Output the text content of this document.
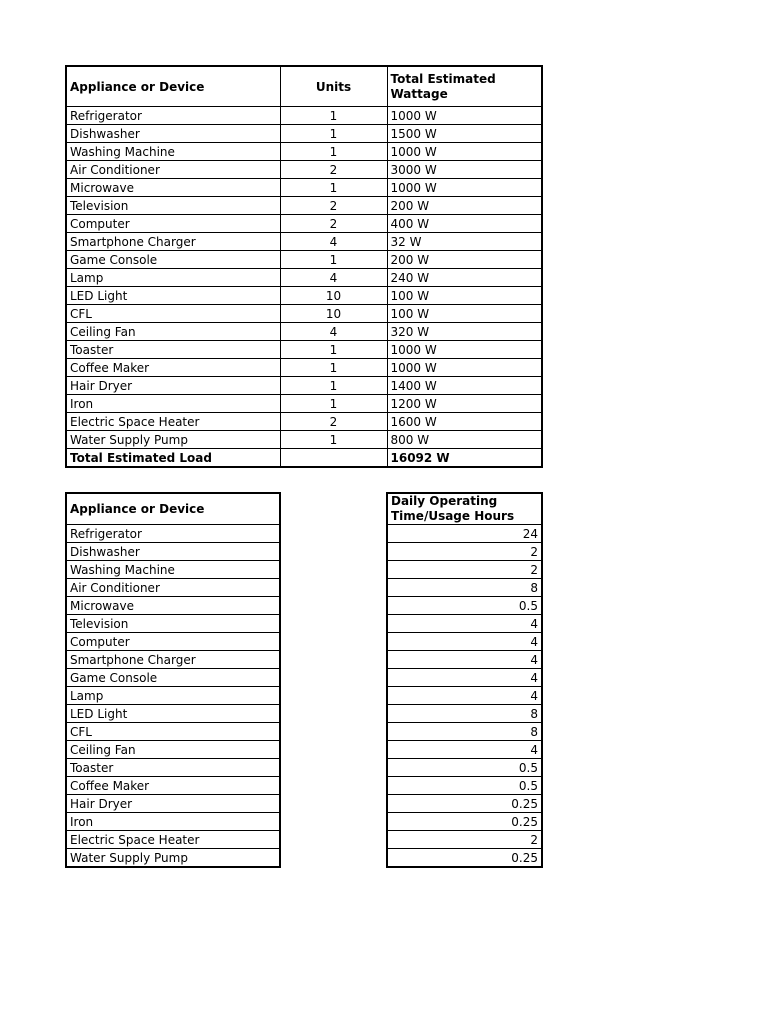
Appliance or Device	Units	Total Estimated Wattage
Refrigerator	1	1000 W
Dishwasher	1	1500 W
Washing Machine	1	1000 W
Air Conditioner	2	3000 W
Microwave	1	1000 W
Television	2	200 W
Computer	2	400 W
Smartphone Charger	4	32 W
Game Console	1	200 W
Lamp	4	240 W
LED Light	10	100 W
CFL	10	100 W
Ceiling Fan	4	320 W
Toaster	1	1000 W
Coffee Maker	1	1000 W
Hair Dryer	1	1400 W
Iron	1	1200 W
Electric Space Heater	2	1600 W
Water Supply Pump	1	800 W
Total Estimated Load		16092 W
Appliance or Device		Daily Operating Time/Usage Hours
Refrigerator		24
Dishwasher		2
Washing Machine		2
Air Conditioner		8
Microwave		0.5
Television		4
Computer		4
Smartphone Charger		4
Game Console		4
Lamp		4
LED Light		8
CFL		8
Ceiling Fan		4
Toaster		0.5
Coffee Maker		0.5
Hair Dryer		0.25
Iron		0.25
Electric Space Heater		2
Water Supply Pump		0.25
